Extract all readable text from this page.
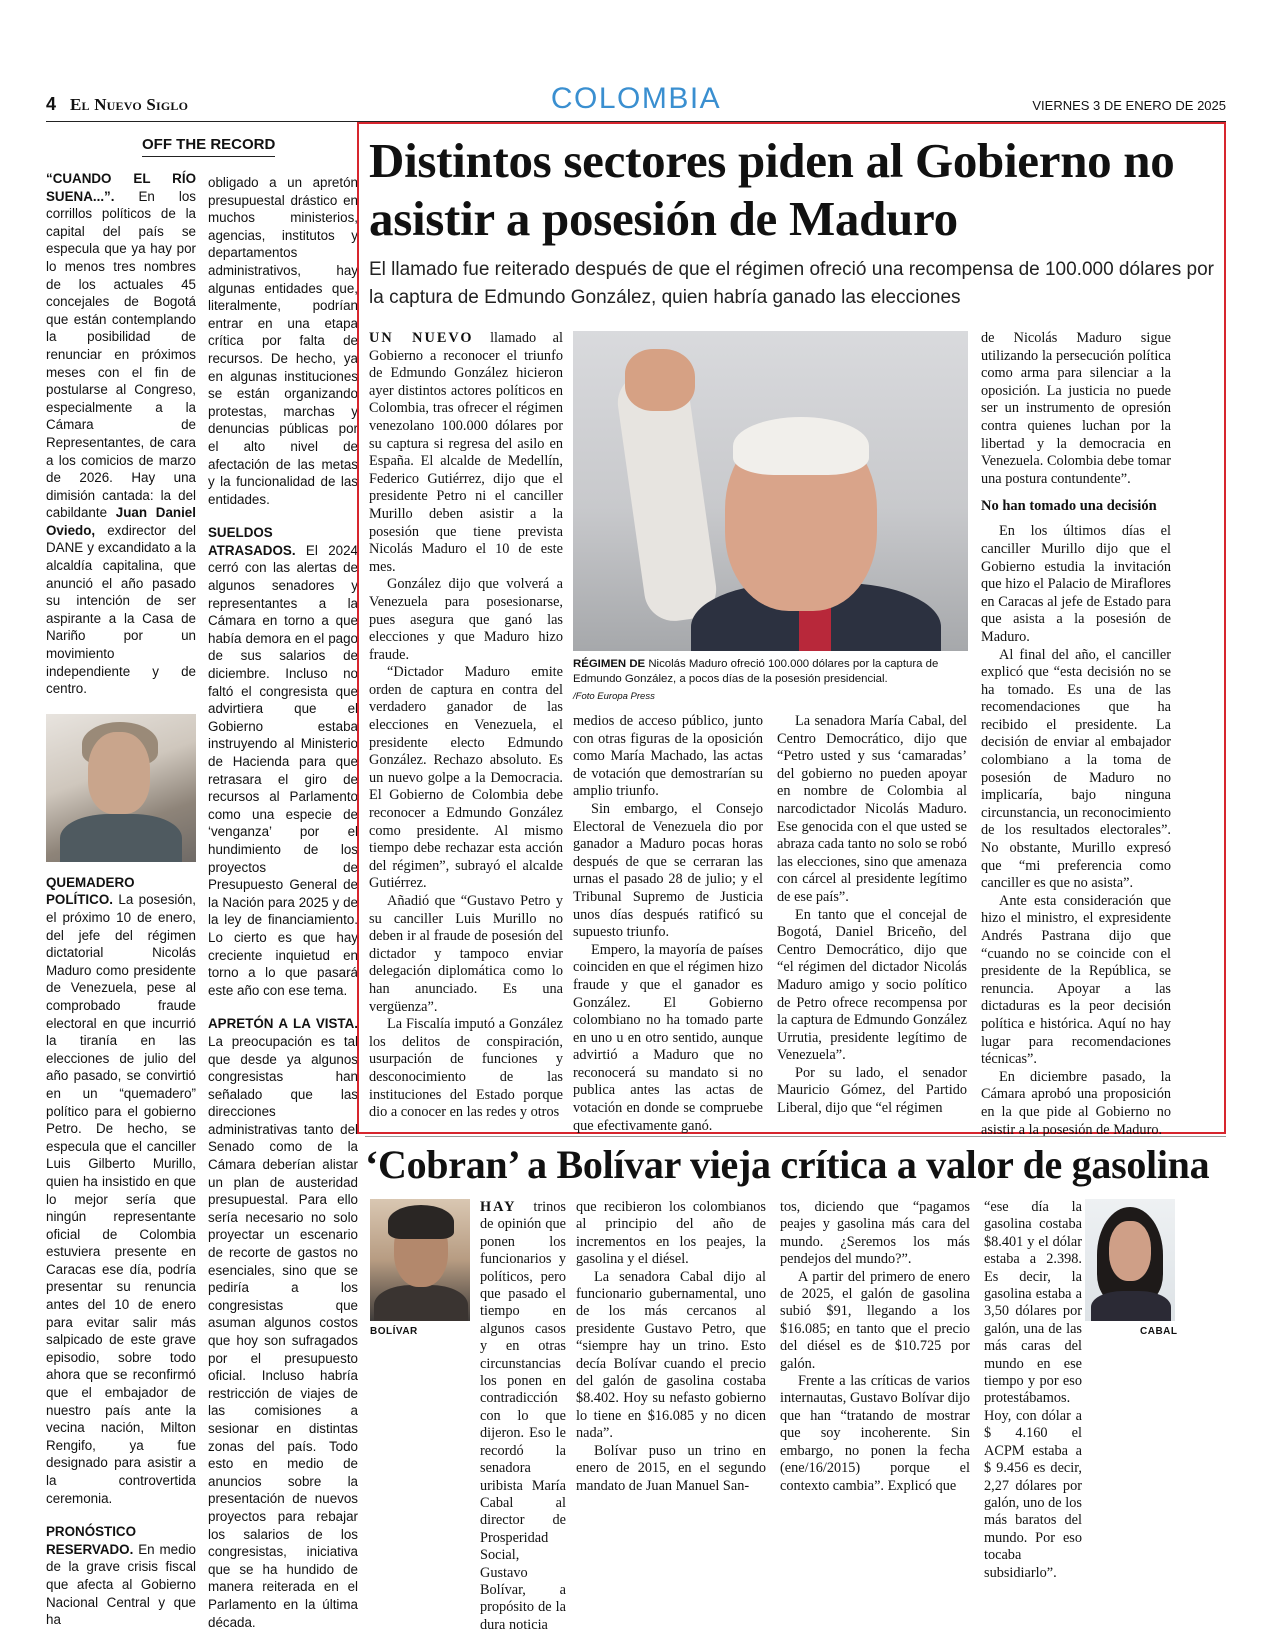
4 El Nuevo Siglo	COLOMBIA	VIERNES 3 DE ENERO DE 2025
OFF THE RECORD

“CUANDO EL RÍO SUENA...”. En los corrillos políticos de la capital del país se especula que ya hay por lo menos tres nombres de los actuales 45 concejales de Bogotá que están contemplando la posibilidad de renunciar en próximos meses con el fin de postularse al Congreso, especialmente a la Cámara de Representantes, de cara a los comicios de marzo de 2026. Hay una dimisión cantada: la del cabildante Juan Daniel Oviedo, exdirector del DANE y excandidato a la alcaldía capitalina, que anunció el año pasado su intención de ser aspirante a la Casa de Nariño por un movimiento independiente y de centro.

QUEMADERO POLÍTICO. La posesión, el próximo 10 de enero, del jefe del régimen dictatorial Nicolás Maduro como presidente de Venezuela, pese al comprobado fraude electoral en que incurrió la tiranía en las elecciones de julio del año pasado, se convirtió en un “quemadero” político para el gobierno Petro. De hecho, se especula que el canciller Luis Gilberto Murillo, quien ha insistido en que lo mejor sería que ningún representante oficial de Colombia estuviera presente en Caracas ese día, podría presentar su renuncia antes del 10 de enero para evitar salir más salpicado de este grave episodio, sobre todo ahora que se reconfirmó que el embajador de nuestro país ante la vecina nación, Milton Rengifo, ya fue designado para asistir a la controvertida ceremonia.

PRONÓSTICO RESERVADO. En medio de la grave crisis fiscal que afecta al Gobierno Nacional Central y que ha

obligado a un apretón presupuestal drástico en muchos ministerios, agencias, institutos y departamentos administrativos, hay algunas entidades que, literalmente, podrían entrar en una etapa crítica por falta de recursos. De hecho, ya en algunas instituciones se están organizando protestas, marchas y denuncias públicas por el alto nivel de afectación de las metas y la funcionalidad de las entidades.

SUELDOS ATRASADOS. El 2024 cerró con las alertas de algunos senadores y representantes a la Cámara en torno a que había demora en el pago de sus salarios de diciembre. Incluso no faltó el congresista que advirtiera que el Gobierno estaba instruyendo al Ministerio de Hacienda para que retrasara el giro de recursos al Parlamento como una especie de ‘venganza’ por el hundimiento de los proyectos de Presupuesto General de la Nación para 2025 y de la ley de financiamiento. Lo cierto es que hay creciente inquietud en torno a lo que pasará este año con ese tema.

APRETÓN A LA VISTA. La preocupación es tal que desde ya algunos congresistas han señalado que las direcciones administrativas tanto del Senado como de la Cámara deberían alistar un plan de austeridad presupuestal. Para ello sería necesario no solo proyectar un escenario de recorte de gastos no esenciales, sino que se pediría a los congresistas que asuman algunos costos que hoy son sufragados por el presupuesto oficial. Incluso habría restricción de viajes de las comisiones a sesionar en distintas zonas del país. Todo esto en medio de anuncios sobre la presentación de nuevos proyectos para rebajar los salarios de los congresistas, iniciativa que se ha hundido de manera reiterada en el Parlamento en la última década.

Distintos sectores piden al Gobierno no asistir a posesión de Maduro
El llamado fue reiterado después de que el régimen ofreció una recompensa de 100.000 dólares por la captura de Edmundo González, quien habría ganado las elecciones

UN NUEVO llamado al Gobierno a reconocer el triunfo de Edmundo González hicieron ayer distintos actores políticos en Colombia, tras ofrecer el régimen venezolano 100.000 dólares por su captura si regresa del asilo en España. El alcalde de Medellín, Federico Gutiérrez, dijo que el presidente Petro ni el canciller Murillo deben asistir a la posesión que tiene prevista Nicolás Maduro el 10 de este mes.

González dijo que volverá a Venezuela para posesionarse, pues asegura que ganó las elecciones y que Maduro hizo fraude.

“Dictador Maduro emite orden de captura en contra del verdadero ganador de las elecciones en Venezuela, el presidente electo Edmundo González. Rechazo absoluto. Es un nuevo golpe a la Democracia. El Gobierno de Colombia debe reconocer a Edmundo González como presidente. Al mismo tiempo debe rechazar esta acción del régimen”, subrayó el alcalde Gutiérrez.

Añadió que “Gustavo Petro y su canciller Luis Murillo no deben ir al fraude de posesión del dictador y tampoco enviar delegación diplomática como lo han anunciado. Es una vergüenza”.

La Fiscalía imputó a González los delitos de conspiración, usurpación de funciones y desconocimiento de las instituciones del Estado porque dio a conocer en las redes y otros

RÉGIMEN DE Nicolás Maduro ofreció 100.000 dólares por la captura de Edmundo González, a pocos días de la posesión presidencial.
/Foto Europa Press

medios de acceso público, junto con otras figuras de la oposición como María Machado, las actas de votación que demostrarían su amplio triunfo.

Sin embargo, el Consejo Electoral de Venezuela dio por ganador a Maduro pocas horas después de que se cerraran las urnas el pasado 28 de julio; y el Tribunal Supremo de Justicia unos días después ratificó su supuesto triunfo.

Empero, la mayoría de países coinciden en que el régimen hizo fraude y que el ganador es González. El Gobierno colombiano no ha tomado parte en uno u en otro sentido, aunque advirtió a Maduro que no reconocerá su mandato si no publica antes las actas de votación en donde se compruebe que efectivamente ganó.

La senadora María Cabal, del Centro Democrático, dijo que “Petro usted y sus ‘camaradas’ del gobierno no pueden apoyar en nombre de Colombia al narcodictador Nicolás Maduro. Ese genocida con el que usted se abraza cada tanto no solo se robó las elecciones, sino que amenaza con cárcel al presidente legítimo de ese país”.

En tanto que el concejal de Bogotá, Daniel Briceño, del Centro Democrático, dijo que “el régimen del dictador Nicolás Maduro amigo y socio político de Petro ofrece recompensa por la captura de Edmundo González Urrutia, presidente legítimo de Venezuela”.

Por su lado, el senador Mauricio Gómez, del Partido Liberal, dijo que “el régimen

de Nicolás Maduro sigue utilizando la persecución política como arma para silenciar a la oposición. La justicia no puede ser un instrumento de opresión contra quienes luchan por la libertad y la democracia en Venezuela. Colombia debe tomar una postura contundente”.

No han tomado una decisión

En los últimos días el canciller Murillo dijo que el Gobierno estudia la invitación que hizo el Palacio de Miraflores en Caracas al jefe de Estado para que asista a la posesión de Maduro.

Al final del año, el canciller explicó que “esta decisión no se ha tomado. Es una de las recomendaciones que ha recibido el presidente. La decisión de enviar al embajador colombiano a la toma de posesión de Maduro no implicaría, bajo ninguna circunstancia, un reconocimiento de los resultados electorales”. No obstante, Murillo expresó que “mi preferencia como canciller es que no asista”.

Ante esta consideración que hizo el ministro, el expresidente Andrés Pastrana dijo que “cuando no se coincide con el presidente de la República, se renuncia. Apoyar a las dictaduras es la peor decisión política e histórica. Aquí no hay lugar para recomendaciones técnicas”.

En diciembre pasado, la Cámara aprobó una proposición en la que pide al Gobierno no asistir a la posesión de Maduro.

‘Cobran’ a Bolívar vieja crítica a valor de gasolina
BOLÍVAR

HAY trinos de opinión que ponen los funcionarios y políticos, pero que pasado el tiempo en algunos casos y en otras circunstancias los ponen en contradicción con lo que dijeron. Eso le recordó la senadora uribista María Cabal al director de Prosperidad Social, Gustavo Bolívar, a propósito de la dura noticia

que recibieron los colombianos al principio del año de incrementos en los peajes, la gasolina y el diésel.

La senadora Cabal dijo al funcionario gubernamental, uno de los más cercanos al presidente Gustavo Petro, que “siempre hay un trino. Esto decía Bolívar cuando el precio del galón de gasolina costaba $8.402. Hoy su nefasto gobierno lo tiene en $16.085 y no dicen nada”.

Bolívar puso un trino en enero de 2015, en el segundo mandato de Juan Manuel San-

tos, diciendo que “pagamos peajes y gasolina más cara del mundo. ¿Seremos los más pendejos del mundo?”.

A partir del primero de enero de 2025, el galón de gasolina subió $91, llegando a los $16.085; en tanto que el precio del diésel es de $10.725 por galón.

Frente a las críticas de varios internautas, Gustavo Bolívar dijo que han “tratando de mostrar que soy incoherente. Sin embargo, no ponen la fecha (ene/16/2015) porque el contexto cambia”. Explicó que

CABAL

“ese día la gasolina costaba $8.401 y el dólar estaba a 2.398. Es decir, la gasolina estaba a 3,50 dólares por galón, una de las más caras del mundo en ese tiempo y por eso protestábamos. Hoy, con dólar a $ 4.160 el ACPM estaba a $ 9.456 es decir, 2,27 dólares por galón, uno de los más baratos del mundo. Por eso tocaba subsidiarlo”.
